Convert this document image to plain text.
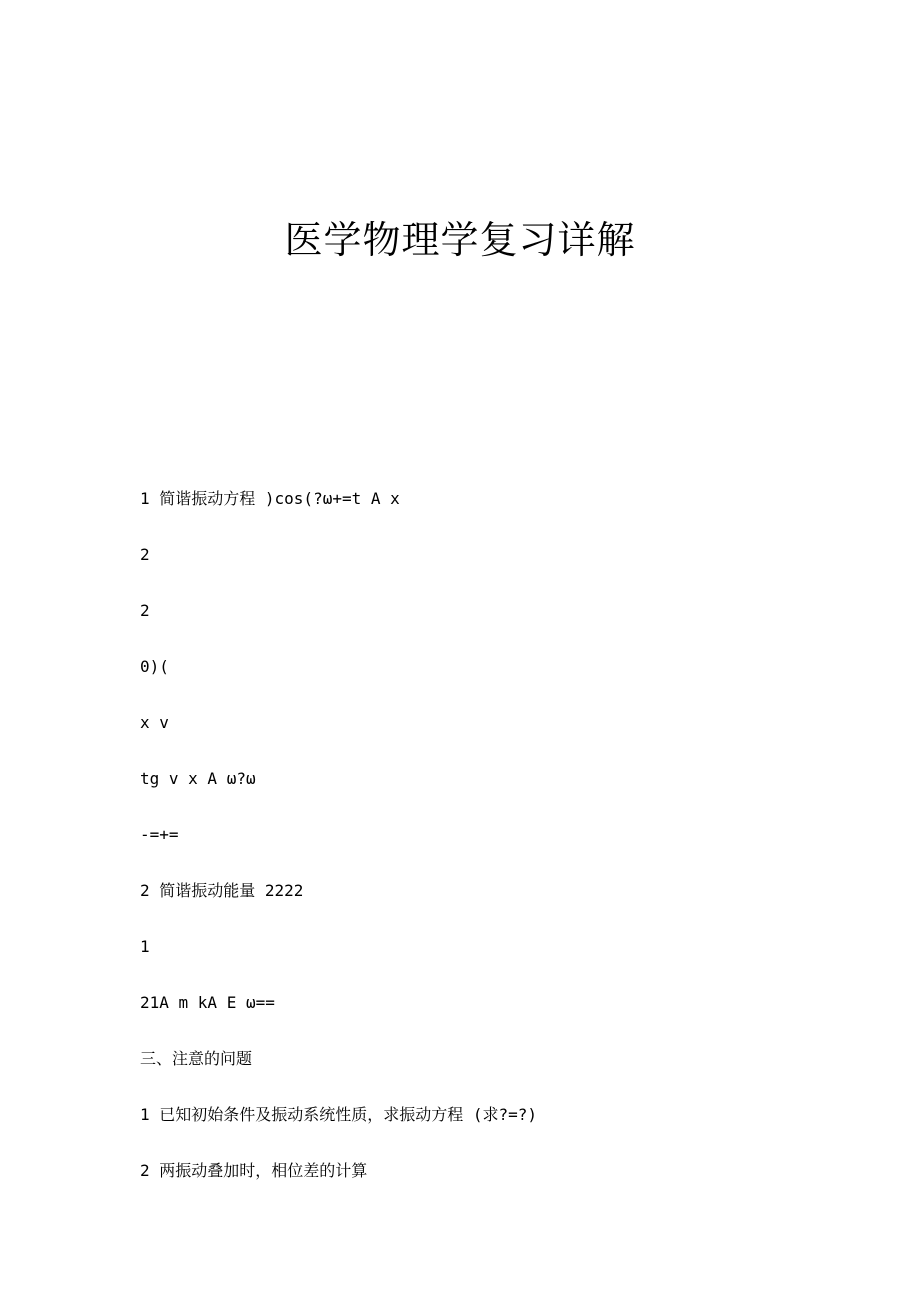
医学物理学复习详解
1 简谐振动方程 )cos(?ω+=t A x
2
2
0)(
x v
tg v x A ω?ω
-=+=
2 简谐振动能量 2222
1
21A m kA E ω==
三、注意的问题
1 已知初始条件及振动系统性质，求振动方程 (求?=?)
2 两振动叠加时，相位差的计算
